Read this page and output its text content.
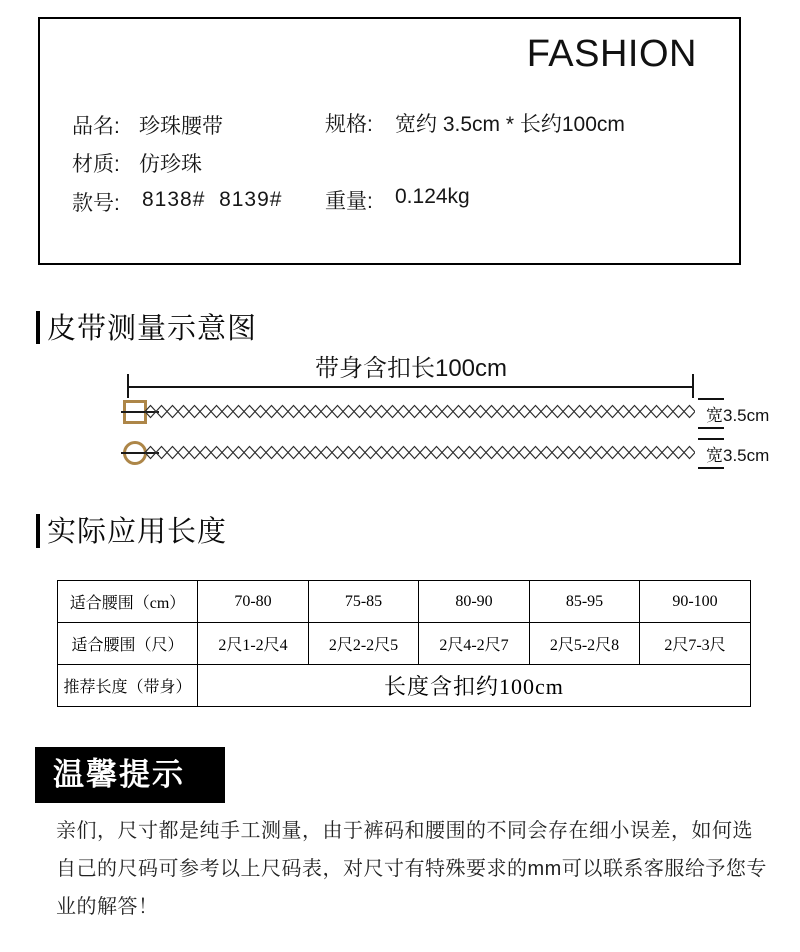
FASHION
品名: 珍珠腰带	规格: 宽约 3.5cm * 长约100cm
材质: 仿珍珠
款号: 8138#  8139# 重量: 0.124kg
皮带测量示意图
带身含扣长100cm
宽3.5cm
宽3.5cm
实际应用长度
适合腰围（cm）	70-80	75-85	80-90	85-95	90-100
适合腰围（尺）	2尺1-2尺4	2尺2-2尺5	2尺4-2尺7	2尺5-2尺8	2尺7-3尺
推荐长度（带身）	长度含扣约100cm				
温馨提示
亲们，尺寸都是纯手工测量，由于裤码和腰围的不同会存在细小误差，如何选自己的尺码可参考以上尺码表，对尺寸有特殊要求的mm可以联系客服给予您专业的解答！
